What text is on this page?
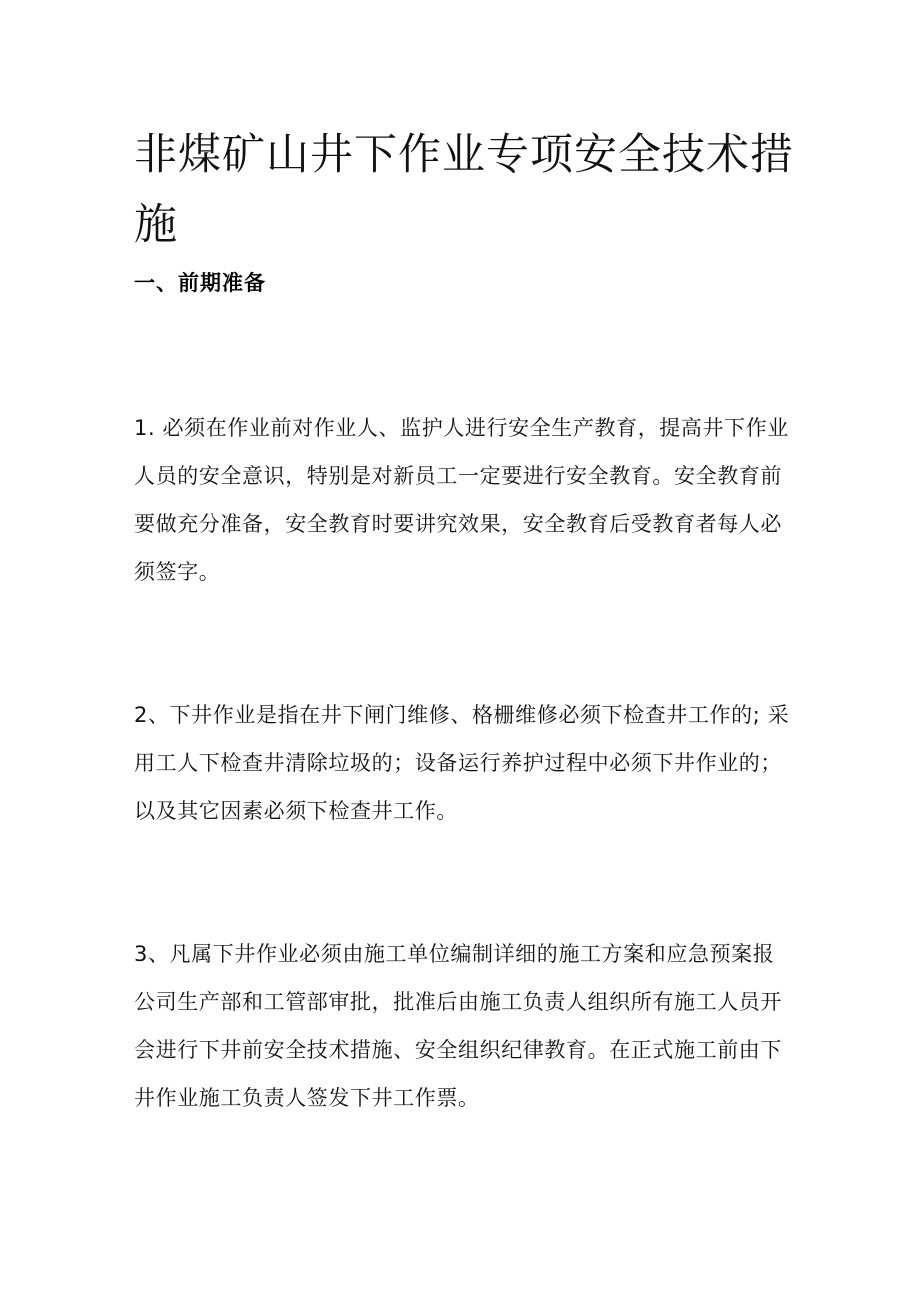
非煤矿山井下作业专项安全技术措施
一、前期准备

1. 必须在作业前对作业人、监护人进行安全生产教育，提高井下作业人员的安全意识，特别是对新员工一定要进行安全教育。安全教育前要做充分准备，安全教育时要讲究效果，安全教育后受教育者每人必须签字。

2、下井作业是指在井下闸门维修、格栅维修必须下检查井工作的; 采用工人下检查井清除垃圾的；设备运行养护过程中必须下井作业的；以及其它因素必须下检查井工作。

3、凡属下井作业必须由施工单位编制详细的施工方案和应急预案报公司生产部和工管部审批，批准后由施工负责人组织所有施工人员开会进行下井前安全技术措施、安全组织纪律教育。在正式施工前由下井作业施工负责人签发下井工作票。
